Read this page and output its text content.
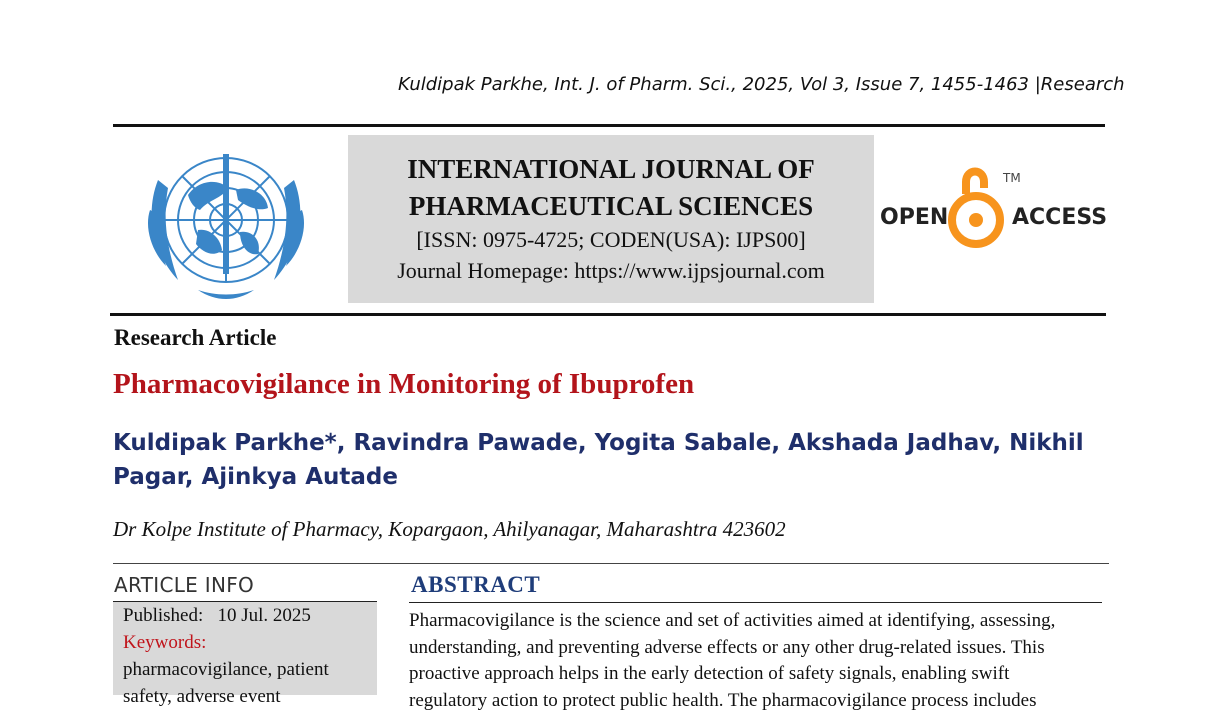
Kuldipak Parkhe, Int. J. of Pharm. Sci., 2025, Vol 3, Issue 7, 1455-1463 |Research
INTERNATIONAL JOURNAL OF
PHARMACEUTICAL SCIENCES
[ISSN: 0975-4725; CODEN(USA): IJPS00]
Journal Homepage: https://www.ijpsjournal.com
OPEN	ACCESS
TM
Research Article
Pharmacovigilance in Monitoring of Ibuprofen
Kuldipak Parkhe*, Ravindra Pawade, Yogita Sabale, Akshada Jadhav, Nikhil
Pagar, Ajinkya Autade
Dr Kolpe Institute of Pharmacy, Kopargaon, Ahilyanagar, Maharashtra 423602
ARTICLE INFO
Published: 10 Jul. 2025
Keywords:
pharmacovigilance, patient
safety, adverse event
ABSTRACT
Pharmacovigilance is the science and set of activities aimed at identifying, assessing,
understanding, and preventing adverse effects or any other drug-related issues. This
proactive approach helps in the early detection of safety signals, enabling swift
regulatory action to protect public health. The pharmacovigilance process includes
